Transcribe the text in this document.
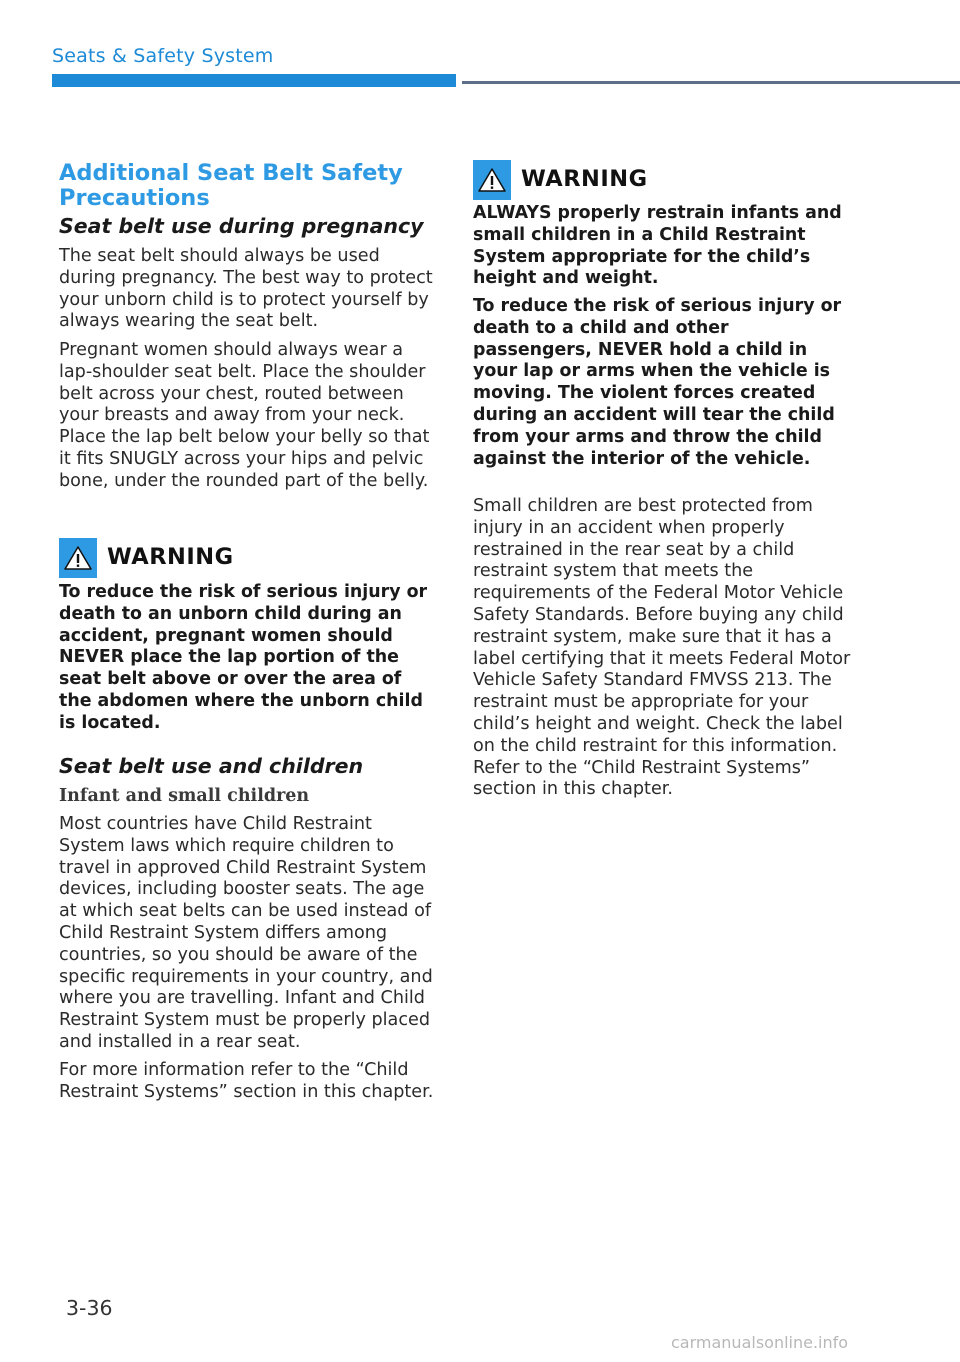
Seats & Safety System
Additional Seat Belt Safety Precautions
Seat belt use during pregnancy

The seat belt should always be used during pregnancy. The best way to protect your unborn child is to protect yourself by always wearing the seat belt.

Pregnant women should always wear a lap-shoulder seat belt. Place the shoulder belt across your chest, routed between your breasts and away from your neck. Place the lap belt below your belly so that it fits SNUGLY across your hips and pelvic bone, under the rounded part of the belly.

WARNING

To reduce the risk of serious injury or death to an unborn child during an accident, pregnant women should NEVER place the lap portion of the seat belt above or over the area of the abdomen where the unborn child is located.

Seat belt use and children
Infant and small children

Most countries have Child Restraint System laws which require children to travel in approved Child Restraint System devices, including booster seats. The age at which seat belts can be used instead of Child Restraint System differs among countries, so you should be aware of the specific requirements in your country, and where you are travelling. Infant and Child Restraint System must be properly placed and installed in a rear seat.

For more information refer to the “Child Restraint Systems” section in this chapter.

WARNING

ALWAYS properly restrain infants and small children in a Child Restraint System appropriate for the child’s height and weight.

To reduce the risk of serious injury or death to a child and other passengers, NEVER hold a child in your lap or arms when the vehicle is moving. The violent forces created during an accident will tear the child from your arms and throw the child against the interior of the vehicle.

Small children are best protected from injury in an accident when properly restrained in the rear seat by a child restraint system that meets the requirements of the Federal Motor Vehicle Safety Standards. Before buying any child restraint system, make sure that it has a label certifying that it meets Federal Motor Vehicle Safety Standard FMVSS 213. The restraint must be appropriate for your child’s height and weight. Check the label on the child restraint for this information. Refer to the “Child Restraint Systems” section in this chapter.

3-36
carmanualsonline.info
